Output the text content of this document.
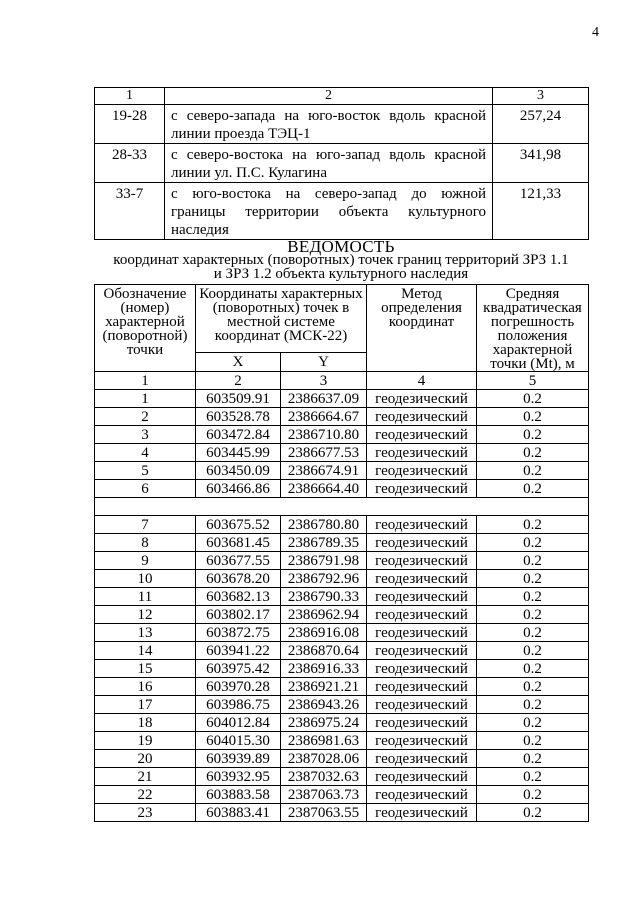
4
1	2	3
19-28	с северо-запада на юго-восток вдоль красной линии проезда ТЭЦ-1	257,24
28-33	с северо-востока на юго-запад вдоль красной линии ул. П.С. Кулагина	341,98
33-7	с юго-востока на северо-запад до южной границы территории объекта культурного наследия	121,33
ВЕДОМОСТЬ
координат характерных (поворотных) точек границ территорий ЗРЗ 1.1
и ЗРЗ 1.2 объекта культурного наследия
Обозначение (номер) характерной (поворотной) точки	Координаты характерных (поворотных) точек в местной системе координат (МСК-22)		Метод определения координат	Средняя квадратическая погрешность положения характерной точки (Mt), м
	X	Y		
1	2	3	4	5
1	603509.91	2386637.09	геодезический	0.2
2	603528.78	2386664.67	геодезический	0.2
3	603472.84	2386710.80	геодезический	0.2
4	603445.99	2386677.53	геодезический	0.2
5	603450.09	2386674.91	геодезический	0.2
6	603466.86	2386664.40	геодезический	0.2

7	603675.52	2386780.80	геодезический	0.2
8	603681.45	2386789.35	геодезический	0.2
9	603677.55	2386791.98	геодезический	0.2
10	603678.20	2386792.96	геодезический	0.2
11	603682.13	2386790.33	геодезический	0.2
12	603802.17	2386962.94	геодезический	0.2
13	603872.75	2386916.08	геодезический	0.2
14	603941.22	2386870.64	геодезический	0.2
15	603975.42	2386916.33	геодезический	0.2
16	603970.28	2386921.21	геодезический	0.2
17	603986.75	2386943.26	геодезический	0.2
18	604012.84	2386975.24	геодезический	0.2
19	604015.30	2386981.63	геодезический	0.2
20	603939.89	2387028.06	геодезический	0.2
21	603932.95	2387032.63	геодезический	0.2
22	603883.58	2387063.73	геодезический	0.2
23	603883.41	2387063.55	геодезический	0.2
